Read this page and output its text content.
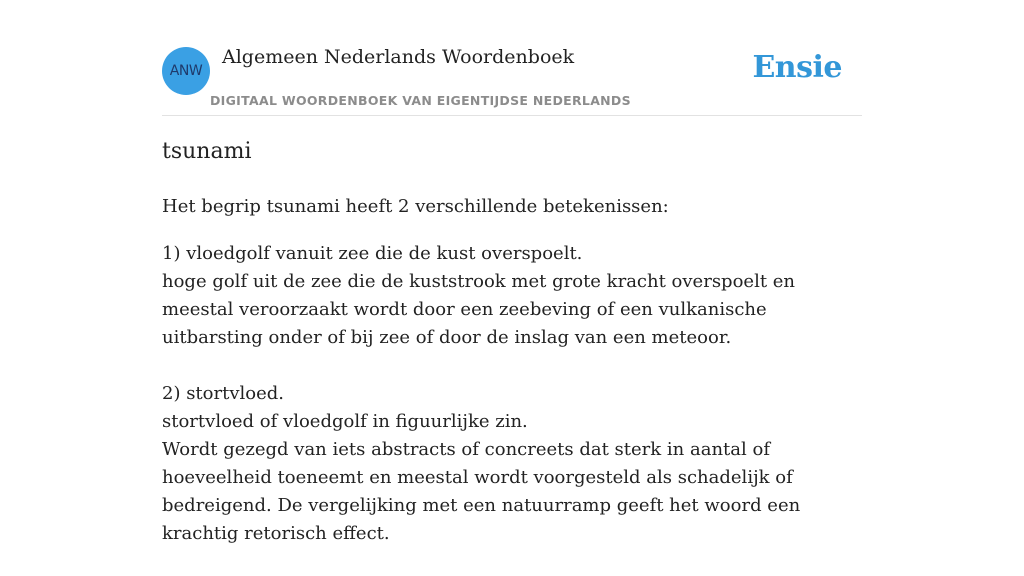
ANW
Algemeen Nederlands Woordenboek
DIGITAAL WOORDENBOEK VAN EIGENTIJDSE NEDERLANDS
Ensie
tsunami

Het begrip tsunami heeft 2 verschillende betekenissen:

1) vloedgolf vanuit zee die de kust overspoelt.
hoge golf uit de zee die de kuststrook met grote kracht overspoelt en meestal veroorzaakt wordt door een zeebeving of een vulkanische uitbarsting onder of bij zee of door de inslag van een meteoor.
2) stortvloed.
stortvloed of vloedgolf in figuurlijke zin.
Wordt gezegd van iets abstracts of concreets dat sterk in aantal of hoeveelheid toeneemt en meestal wordt voorgesteld als schadelijk of bedreigend. De vergelijking met een natuurramp geeft het woord een krachtig retorisch effect.
